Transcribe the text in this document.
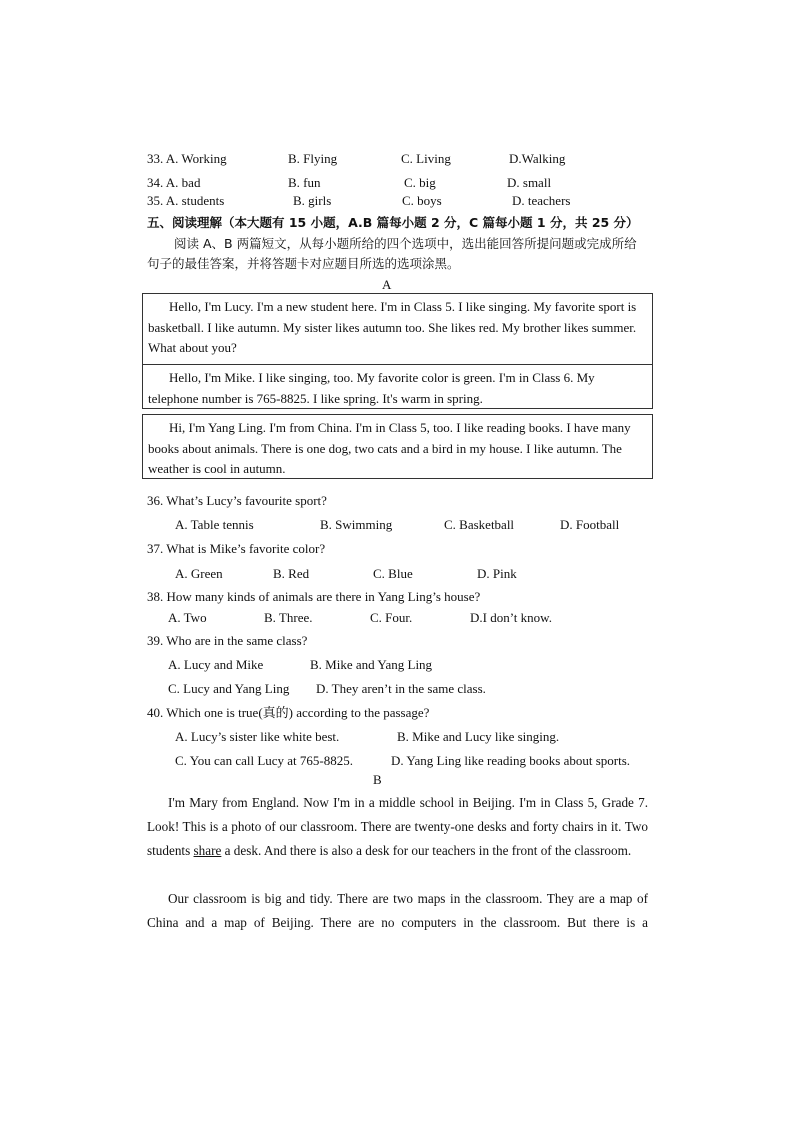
33. A. Working	B. Flying	C. Living	D.Walking
34. A. bad	B. fun	C. big	D. small
35. A. students	B. girls	C. boys	D. teachers
五、阅读理解（本大题有 15 小题，A.B 篇每小题 2 分，C 篇每小题 1 分，共 25 分）
阅读 A、B 两篇短文，从每小题所给的四个选项中，选出能回答所提问题或完成所给句子的最佳答案，并将答题卡对应题目所选的选项涂黑。
A
Hello, I'm Lucy. I'm a new student here. I'm in Class 5. I like singing. My favorite sport is basketball. I like autumn. My sister likes autumn too. She likes red. My brother likes summer. What about you?
Hello, I'm Mike. I like singing, too. My favorite color is green. I'm in Class 6. My telephone number is 765-8825. I like spring. It's warm in spring.
Hi, I'm Yang Ling. I'm from China. I'm in Class 5, too. I like reading books. I have many books about animals. There is one dog, two cats and a bird in my house. I like autumn. The weather is cool in autumn.
36. What’s Lucy’s favourite sport?
A. Table tennis	B. Swimming	C. Basketball	D. Football
37. What is Mike’s favorite color?
A. Green	B. Red	C. Blue	D. Pink
38. How many kinds of animals are there in Yang Ling’s house?
A. Two	B. Three.	C. Four.	D.I don’t know.
39. Who are in the same class?
A. Lucy and Mike	B. Mike and Yang Ling
C. Lucy and Yang Ling D. They aren’t in the same class.
40. Which one is true(真的) according to the passage?
A. Lucy’s sister like white best.	B. Mike and Lucy like singing.
C. You can call Lucy at 765-8825.	D. Yang Ling like reading books about sports.
B
I'm Mary from England. Now I'm in a middle school in Beijing. I'm in Class 5, Grade 7. Look! This is a photo of our classroom. There are twenty-one desks and forty chairs in it. Two students share a desk. And there is also a desk for our teachers in the front of the classroom.
Our classroom is big and tidy. There are two maps in the classroom. They are a map of China and a map of Beijing. There are no computers in the classroom. But there is a
